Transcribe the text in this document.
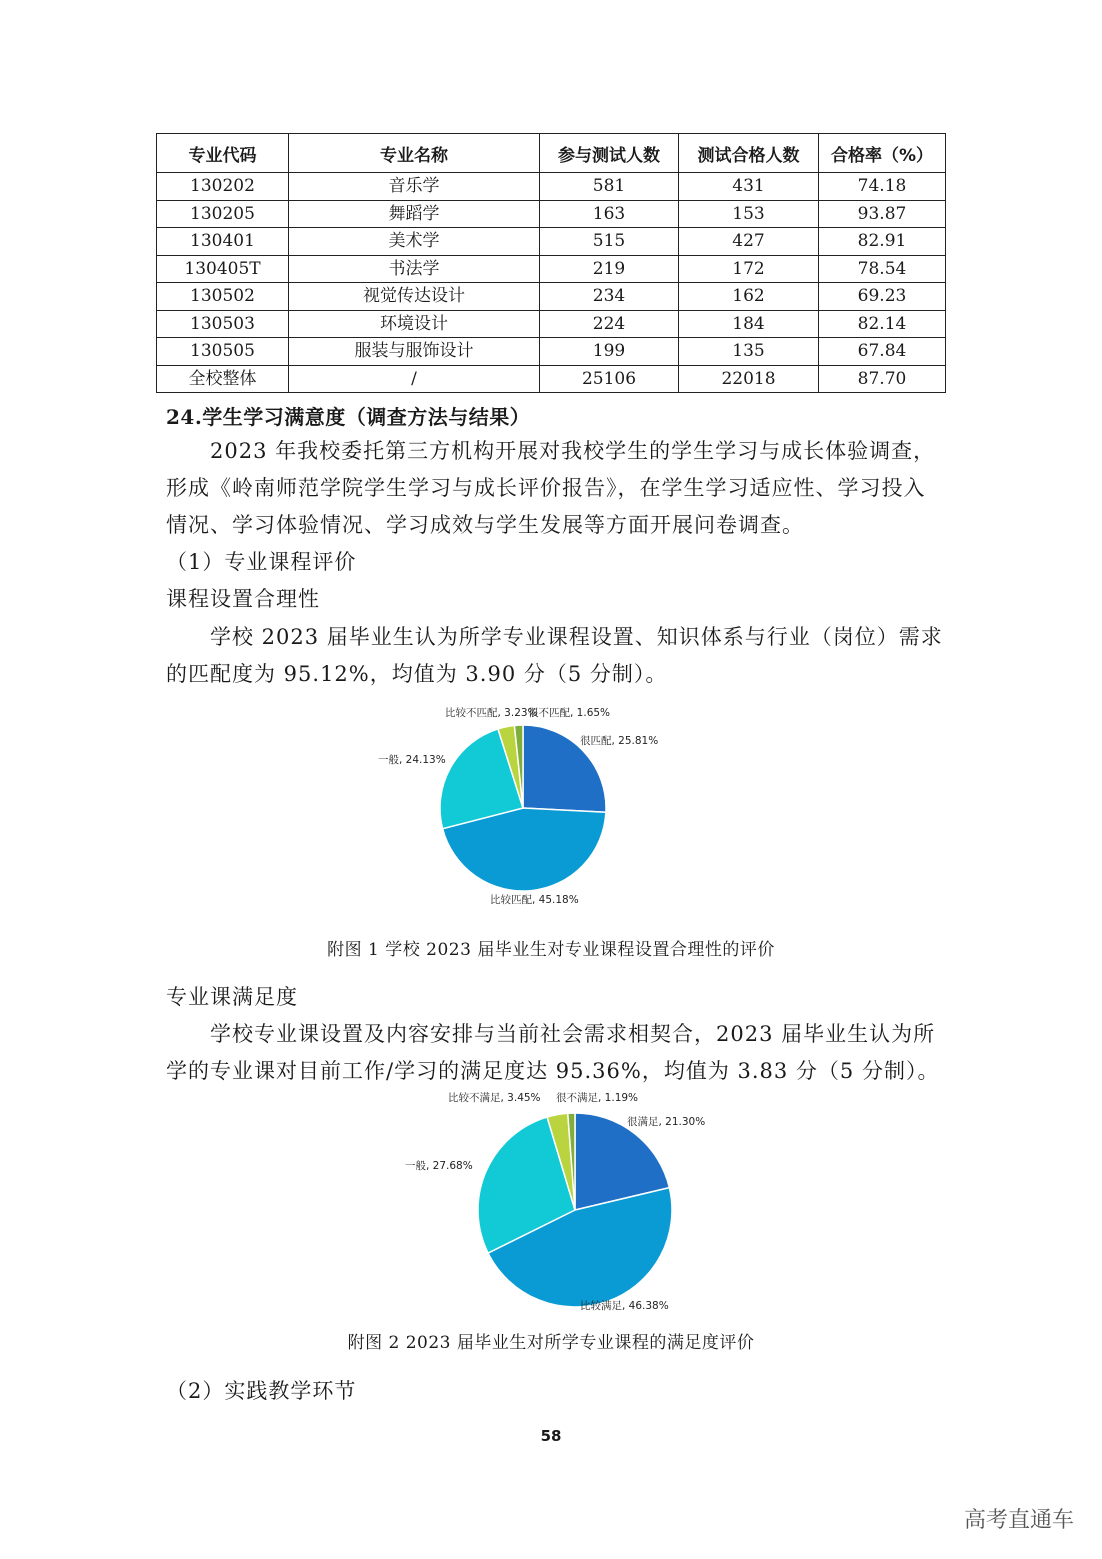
专业代码	专业名称	参与测试人数	测试合格人数	合格率（%）
130202	音乐学	581	431	74.18
130205	舞蹈学	163	153	93.87
130401	美术学	515	427	82.91
130405T	书法学	219	172	78.54
130502	视觉传达设计	234	162	69.23
130503	环境设计	224	184	82.14
130505	服装与服饰设计	199	135	67.84
全校整体	/	25106	22018	87.70
24.学生学习满意度（调查方法与结果）
2023 年我校委托第三方机构开展对我校学生的学生学习与成长体验调查，
形成《岭南师范学院学生学习与成长评价报告》，在学生学习适应性、学习投入
情况、学习体验情况、学习成效与学生发展等方面开展问卷调查。
（1）专业课程评价
课程设置合理性
学校 2023 届毕业生认为所学专业课程设置、知识体系与行业（岗位）需求
的匹配度为 95.12%，均值为 3.90 分（5 分制）。
很匹配, 25.81%
比较匹配, 45.18%
一般, 24.13%
比较不匹配, 3.23%
很不匹配, 1.65%
附图 1 学校 2023 届毕业生对专业课程设置合理性的评价
专业课满足度
学校专业课设置及内容安排与当前社会需求相契合，2023 届毕业生认为所
学的专业课对目前工作/学习的满足度达 95.36%，均值为 3.83 分（5 分制）。
很满足, 21.30%
比较满足, 46.38%
一般, 27.68%
比较不满足, 3.45% 很不满足, 1.19%
附图 2 2023 届毕业生对所学专业课程的满足度评价
（2）实践教学环节
58
高考直通车
